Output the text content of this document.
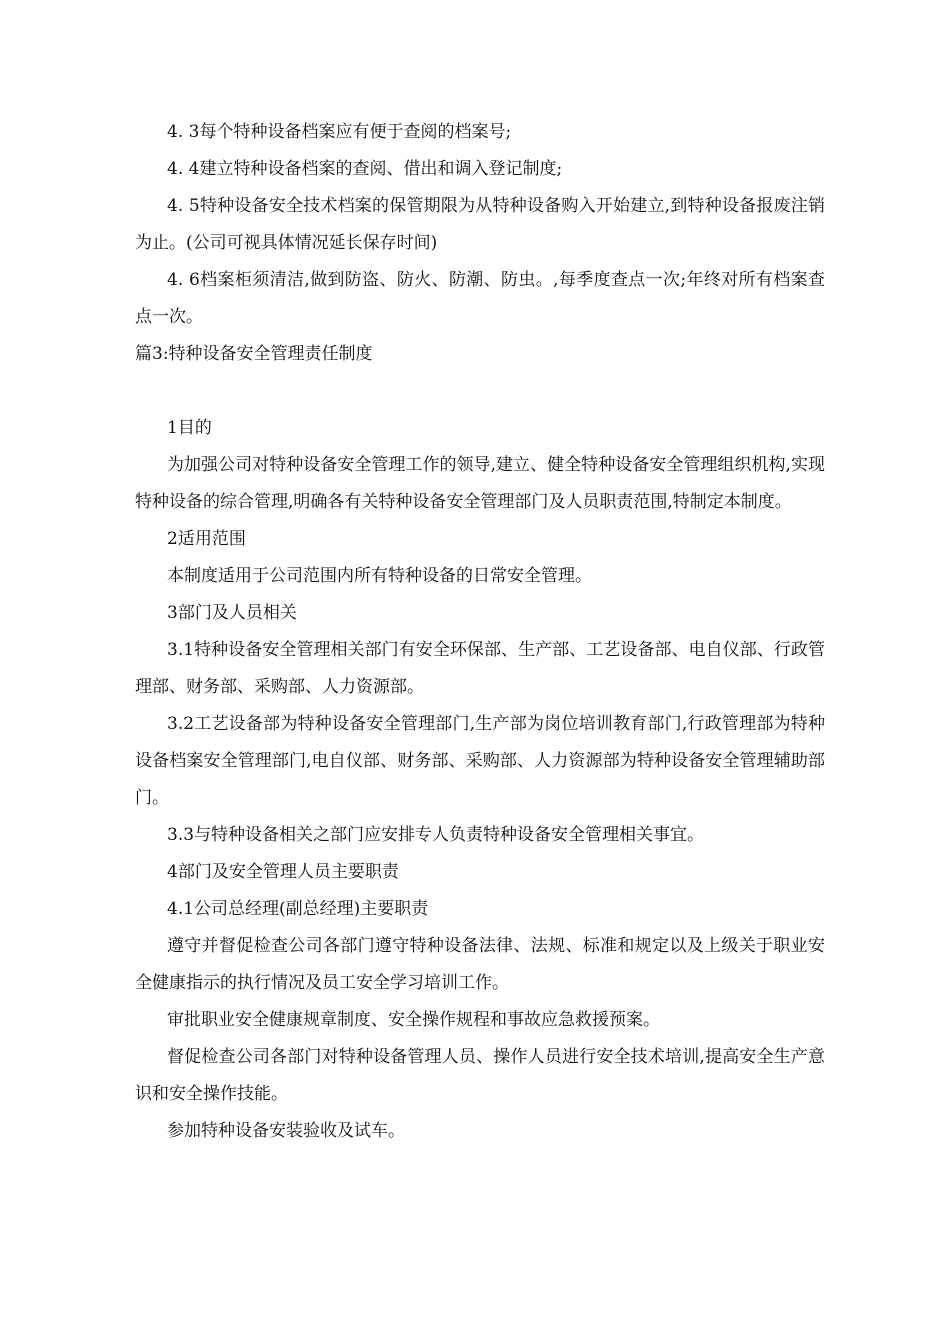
4. 3每个特种设备档案应有便于查阅的档案号;

4. 4建立特种设备档案的查阅、借出和调入登记制度;

4. 5特种设备安全技术档案的保管期限为从特种设备购入开始建立,到特种设备报废注销为止。(公司可视具体情况延长保存时间)

4. 6档案柜须清洁,做到防盗、防火、防潮、防虫。,每季度查点一次;年终对所有档案查点一次。

篇3:特种设备安全管理责任制度

1目的

为加强公司对特种设备安全管理工作的领导,建立、健全特种设备安全管理组织机构,实现特种设备的综合管理,明确各有关特种设备安全管理部门及人员职责范围,特制定本制度。

2适用范围

本制度适用于公司范围内所有特种设备的日常安全管理。

3部门及人员相关

3.1特种设备安全管理相关部门有安全环保部、生产部、工艺设备部、电自仪部、行政管理部、财务部、采购部、人力资源部。

3.2工艺设备部为特种设备安全管理部门,生产部为岗位培训教育部门,行政管理部为特种设备档案安全管理部门,电自仪部、财务部、采购部、人力资源部为特种设备安全管理辅助部门。

3.3与特种设备相关之部门应安排专人负责特种设备安全管理相关事宜。

4部门及安全管理人员主要职责

4.1公司总经理(副总经理)主要职责

遵守并督促检查公司各部门遵守特种设备法律、法规、标准和规定以及上级关于职业安全健康指示的执行情况及员工安全学习培训工作。

审批职业安全健康规章制度、安全操作规程和事故应急救援预案。

督促检查公司各部门对特种设备管理人员、操作人员进行安全技术培训,提高安全生产意识和安全操作技能。

参加特种设备安装验收及试车。
